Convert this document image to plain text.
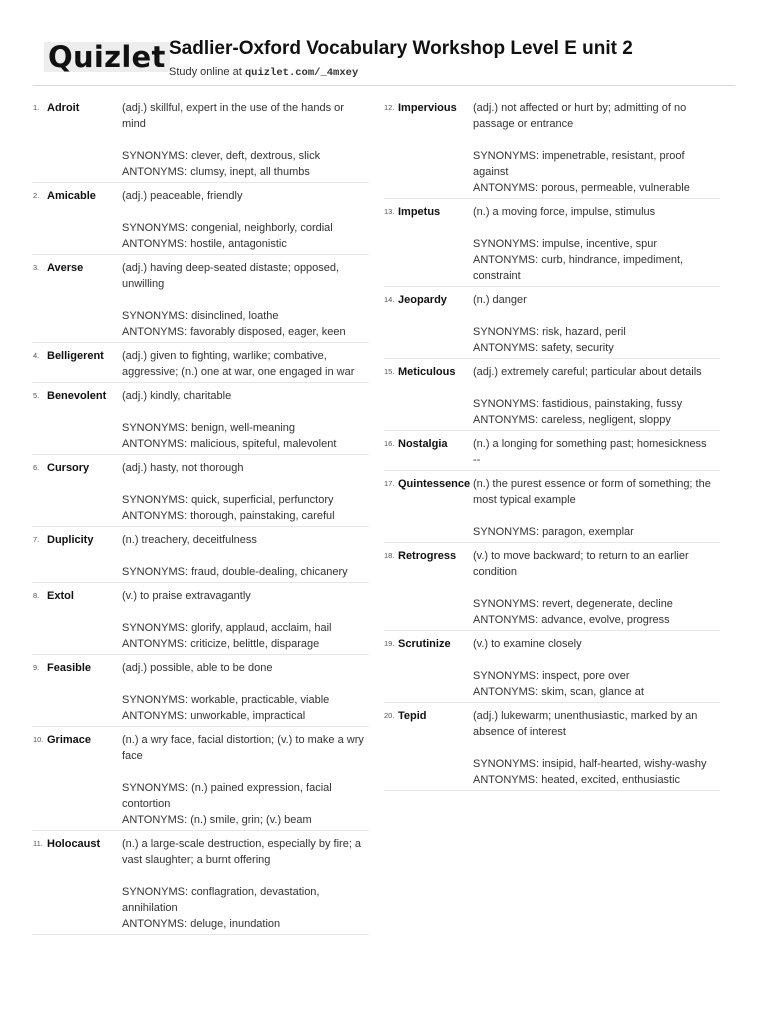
Quizlet Sadlier-Oxford Vocabulary Workshop Level E unit 2
Study online at quizlet.com/_4mxey
1. Adroit	(adj.) skillful, expert in the use of the hands or mind
SYNONYMS: clever, deft, dextrous, slick
ANTONYMS: clumsy, inept, all thumbs
2. Amicable	(adj.) peaceable, friendly
SYNONYMS: congenial, neighborly, cordial
ANTONYMS: hostile, antagonistic
3. Averse	(adj.) having deep-seated distaste; opposed, unwilling
SYNONYMS: disinclined, loathe
ANTONYMS: favorably disposed, eager, keen
4. Belligerent	(adj.) given to fighting, warlike; combative, aggressive; (n.) one at war, one engaged in war
5. Benevolent	(adj.) kindly, charitable
SYNONYMS: benign, well-meaning
ANTONYMS: malicious, spiteful, malevolent
6. Cursory	(adj.) hasty, not thorough
SYNONYMS: quick, superficial, perfunctory
ANTONYMS: thorough, painstaking, careful
7. Duplicity	(n.) treachery, deceitfulness
SYNONYMS: fraud, double-dealing, chicanery
8. Extol	(v.) to praise extravagantly
SYNONYMS: glorify, applaud, acclaim, hail
ANTONYMS: criticize, belittle, disparage
9. Feasible	(adj.) possible, able to be done
SYNONYMS: workable, practicable, viable
ANTONYMS: unworkable, impractical
10. Grimace	(n.) a wry face, facial distortion; (v.) to make a wry face
SYNONYMS: (n.) pained expression, facial contortion
ANTONYMS: (n.) smile, grin; (v.) beam
11. Holocaust	(n.) a large-scale destruction, especially by fire; a vast slaughter; a burnt offering
SYNONYMS: conflagration, devastation, annihilation
ANTONYMS: deluge, inundation
12. Impervious	(adj.) not affected or hurt by; admitting of no passage or entrance
SYNONYMS: impenetrable, resistant, proof against
ANTONYMS: porous, permeable, vulnerable
13. Impetus	(n.) a moving force, impulse, stimulus
SYNONYMS: impulse, incentive, spur
ANTONYMS: curb, hindrance, impediment, constraint
14. Jeopardy	(n.) danger
SYNONYMS: risk, hazard, peril
ANTONYMS: safety, security
15. Meticulous	(adj.) extremely careful; particular about details
SYNONYMS: fastidious, painstaking, fussy
ANTONYMS: careless, negligent, sloppy
16. Nostalgia	(n.) a longing for something past; homesickness
--
17. Quintessence (n.) the purest essence or form of something; the most typical example
SYNONYMS: paragon, exemplar
18. Retrogress	(v.) to move backward; to return to an earlier condition
SYNONYMS: revert, degenerate, decline
ANTONYMS: advance, evolve, progress
19. Scrutinize	(v.) to examine closely
SYNONYMS: inspect, pore over
ANTONYMS: skim, scan, glance at
20. Tepid	(adj.) lukewarm; unenthusiastic, marked by an absence of interest
SYNONYMS: insipid, half-hearted, wishy-washy
ANTONYMS: heated, excited, enthusiastic
